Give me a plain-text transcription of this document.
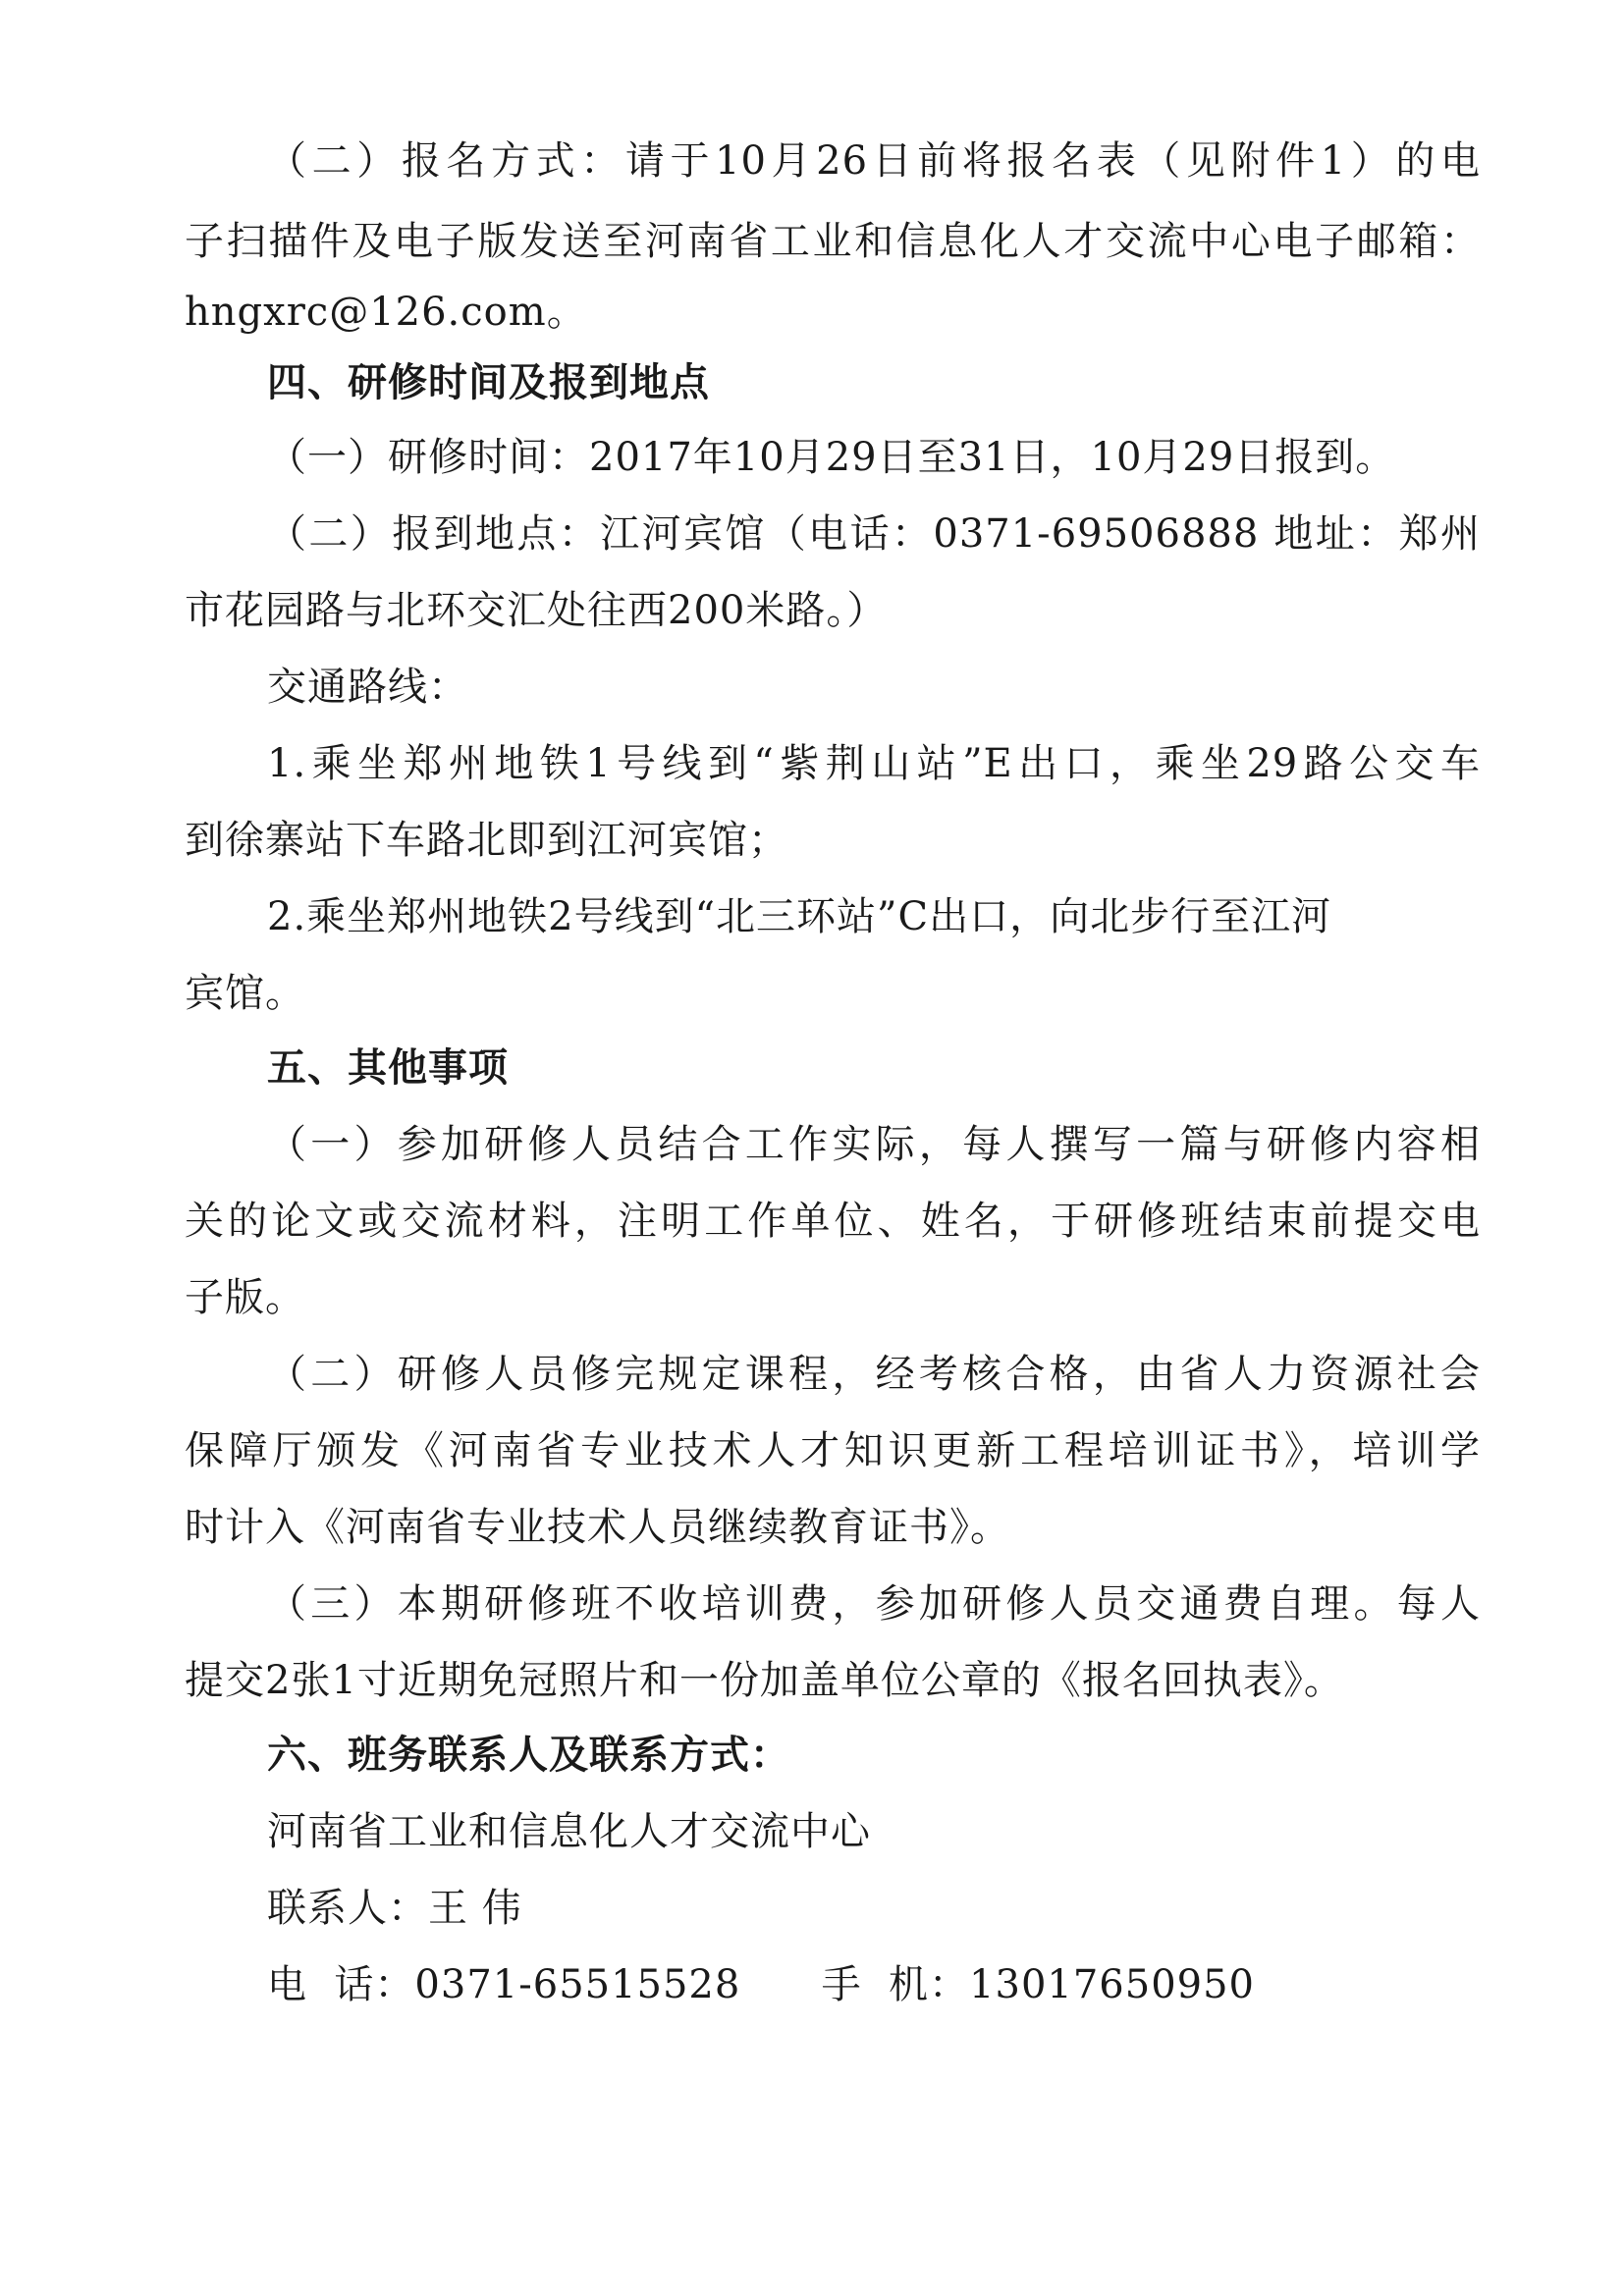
（二）报名方式：请于10月26日前将报名表（见附件1）的电
子扫描件及电子版发送至河南省工业和信息化人才交流中心电子邮箱：
hngxrc@126.com。
四、研修时间及报到地点
（一）研修时间：2017年10月29日至31日，10月29日报到。
（二）报到地点：江河宾馆（电话：0371-69506888 地址：郑州
市花园路与北环交汇处往西200米路。）
交通路线：
1.乘坐郑州地铁1号线到“紫荆山站”E出口，乘坐29路公交车
到徐寨站下车路北即到江河宾馆；
2.乘坐郑州地铁2号线到“北三环站”C出口，向北步行至江河
宾馆。
五、其他事项
（一）参加研修人员结合工作实际，每人撰写一篇与研修内容相
关的论文或交流材料，注明工作单位、姓名，于研修班结束前提交电
子版。
（二）研修人员修完规定课程，经考核合格，由省人力资源社会
保障厅颁发《河南省专业技术人才知识更新工程培训证书》，培训学
时计入《河南省专业技术人员继续教育证书》。
（三）本期研修班不收培训费，参加研修人员交通费自理。每人
提交2张1寸近期免冠照片和一份加盖单位公章的《报名回执表》。
六、班务联系人及联系方式：
河南省工业和信息化人才交流中心
联系人：王 伟
电  话：0371-65515528      手  机：13017650950
